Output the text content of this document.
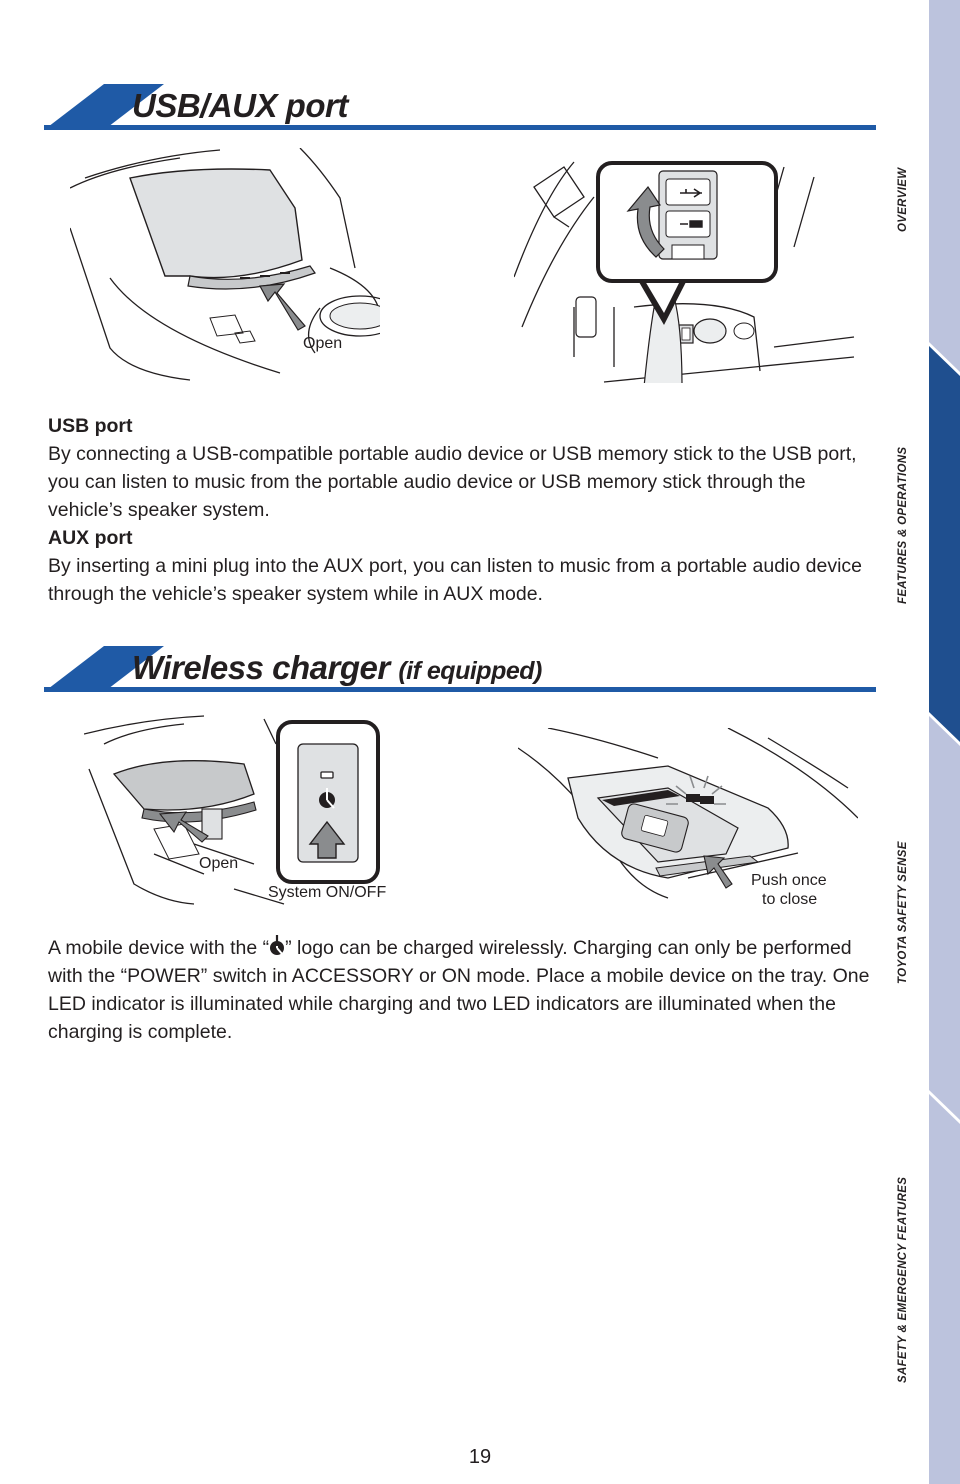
USB/AUX port
Open
USB port

By connecting a USB-compatible portable audio device or USB memory stick to the USB port, you can listen to music from the portable audio device or USB memory stick through the vehicle’s speaker system.

AUX port

By inserting a mini plug into the AUX port, you can listen to music from a portable audio device through the vehicle’s speaker system while in AUX mode.

Wireless charger (if equipped)
Open
System ON/OFF
Push once
to close

A mobile device with the “ ” logo can be charged wirelessly. Charging can only be performed with the “POWER” switch in ACCESSORY or ON mode. Place a mobile device on the tray. One LED indicator is illuminated while charging and two LED indicators are illuminated when the charging is complete.

OVERVIEW
FEATURES & OPERATIONS
TOYOTA SAFETY SENSE
SAFETY & EMERGENCY FEATURES
19
